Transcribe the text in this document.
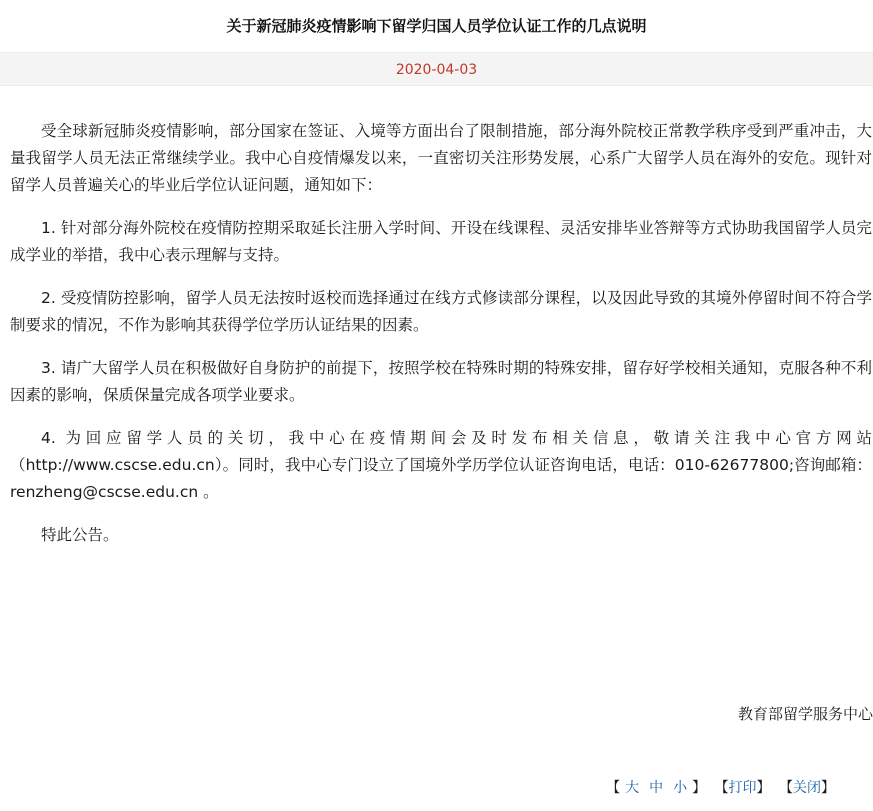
关于新冠肺炎疫情影响下留学归国人员学位认证工作的几点说明
2020-04-03

受全球新冠肺炎疫情影响，部分国家在签证、入境等方面出台了限制措施，部分海外院校正常教学秩序受到严重冲击，大量我留学人员无法正常继续学业。我中心自疫情爆发以来，一直密切关注形势发展，心系广大留学人员在海外的安危。现针对留学人员普遍关心的毕业后学位认证问题，通知如下：

1. 针对部分海外院校在疫情防控期采取延长注册入学时间、开设在线课程、灵活安排毕业答辩等方式协助我国留学人员完成学业的举措，我中心表示理解与支持。

2. 受疫情防控影响，留学人员无法按时返校而选择通过在线方式修读部分课程，以及因此导致的其境外停留时间不符合学制要求的情况，不作为影响其获得学位学历认证结果的因素。

3. 请广大留学人员在积极做好自身防护的前提下，按照学校在特殊时期的特殊安排，留存好学校相关通知，克服各种不利因素的影响，保质保量完成各项学业要求。

4. 为回应留学人员的关切，我中心在疫情期间会及时发布相关信息，敬请关注我中心官方网站（http://www.cscse.edu.cn）。同时，我中心专门设立了国境外学历学位认证咨询电话，电话：010-62677800;咨询邮箱：renzheng@cscse.edu.cn 。

特此公告。

教育部留学服务中心
【 大 中 小 】 【打印】 【关闭】
